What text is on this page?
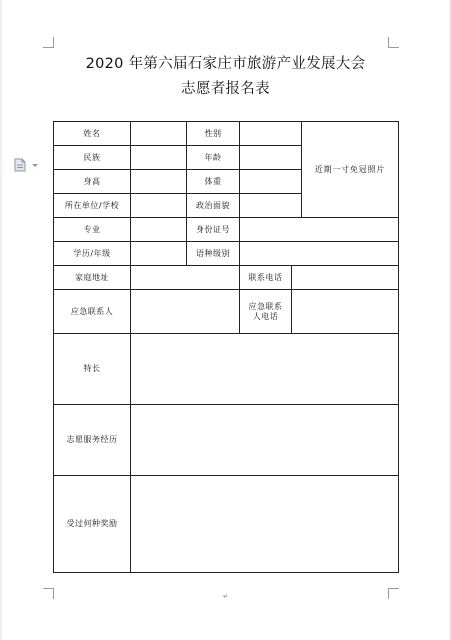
2020 年第六届石家庄市旅游产业发展大会
志愿者报名表
姓名		性别			近期一寸免冠照片
民族		年龄			
身高		体重			
所在单位/学校		政治面貌			
专业		身份证号			
学历/年级		语种级别			
家庭地址			联系电话		
应急联系人			应急联系
人电话		
特长					
志愿服务经历					
受过何种奖励					
↵
